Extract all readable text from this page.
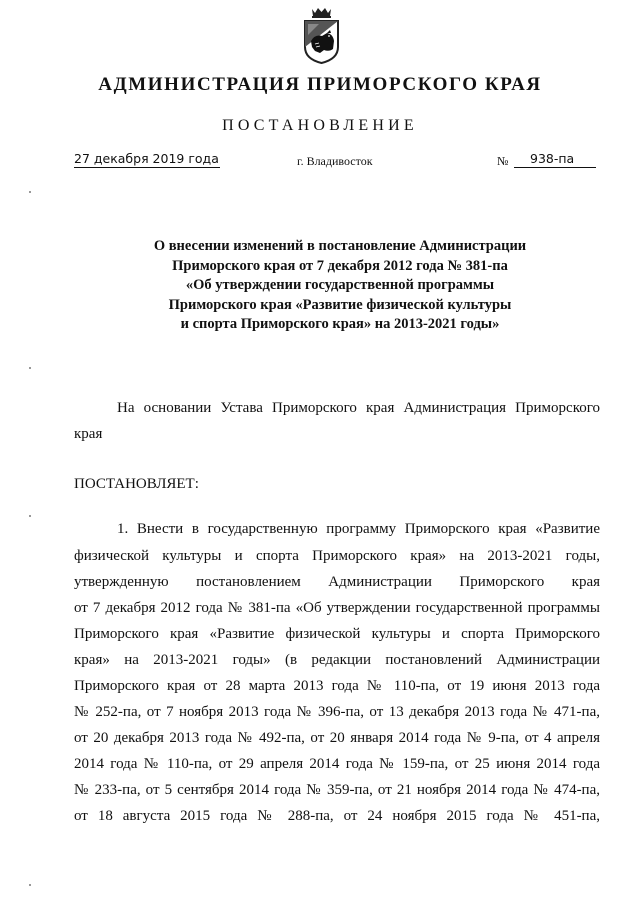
АДМИНИСТРАЦИЯ ПРИМОРСКОГО КРАЯ
ПОСТАНОВЛЕНИЕ
27 декабря 2019 года	г. Владивосток	№	938-па
О внесении изменений в постановление Администрации
Приморского края от 7 декабря 2012 года № 381-па
«Об утверждении государственной программы
Приморского края «Развитие физической культуры
и спорта Приморского края» на 2013-2021 годы»
На основании Устава Приморского края Администрация Приморского
края
ПОСТАНОВЛЯЕТ:
1. Внести в государственную программу Приморского края «Развитие
физической культуры и спорта Приморского края» на 2013-2021 годы,
утвержденную постановлением Администрации Приморского края
от 7 декабря 2012 года № 381-па «Об утверждении государственной программы
Приморского края «Развитие физической культуры и спорта Приморского
края» на 2013-2021 годы» (в редакции постановлений Администрации
Приморского края от 28 марта 2013 года № 110-па, от 19 июня 2013 года
№ 252-па, от 7 ноября 2013 года № 396-па, от 13 декабря 2013 года № 471-па,
от 20 декабря 2013 года № 492-па, от 20 января 2014 года № 9-па, от 4 апреля
2014 года № 110-па, от 29 апреля 2014 года № 159-па, от 25 июня 2014 года
№ 233-па, от 5 сентября 2014 года № 359-па, от 21 ноября 2014 года № 474-па,
от 18 августа 2015 года № 288-па, от 24 ноября 2015 года № 451-па,
